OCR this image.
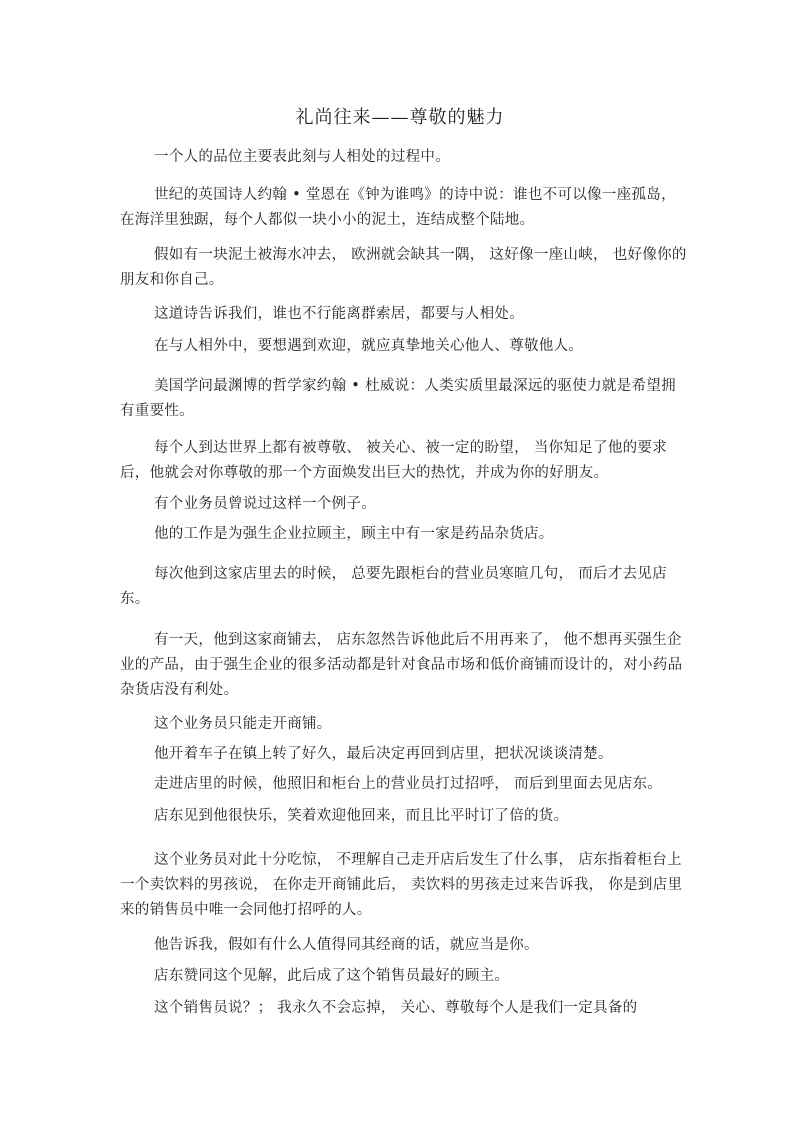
礼尚往来——尊敬的魅力

一个人的品位主要表此刻与人相处的过程中。

世纪的英国诗人约翰 • 堂恩在《钟为谁鸣》的诗中说：谁也不可以像一座孤岛，在海洋里独踞，每个人都似一块小小的泥土，连结成整个陆地。

假如有一块泥土被海水冲去， 欧洲就会缺其一隅， 这好像一座山峡， 也好像你的朋友和你自己。

这道诗告诉我们，谁也不行能离群索居，都要与人相处。

在与人相外中，要想遇到欢迎，就应真挚地关心他人、尊敬他人。

美国学问最渊博的哲学家约翰 • 杜威说：人类实质里最深远的驱使力就是希望拥有重要性。

每个人到达世界上都有被尊敬、 被关心、被一定的盼望， 当你知足了他的要求后，他就会对你尊敬的那一个方面焕发出巨大的热忱，并成为你的好朋友。

有个业务员曾说过这样一个例子。

他的工作是为强生企业拉顾主，顾主中有一家是药品杂货店。

每次他到这家店里去的时候， 总要先跟柜台的营业员寒暄几句， 而后才去见店东。

有一天，他到这家商铺去， 店东忽然告诉他此后不用再来了， 他不想再买强生企业的产品，由于强生企业的很多活动都是针对食品市场和低价商铺而设计的，对小药品杂货店没有利处。

这个业务员只能走开商铺。

他开着车子在镇上转了好久，最后决定再回到店里，把状况谈谈清楚。

走进店里的时候，他照旧和柜台上的营业员打过招呼， 而后到里面去见店东。

店东见到他很快乐，笑着欢迎他回来，而且比平时订了倍的货。

这个业务员对此十分吃惊， 不理解自己走开店后发生了什么事， 店东指着柜台上一个卖饮料的男孩说， 在你走开商铺此后， 卖饮料的男孩走过来告诉我， 你是到店里来的销售员中唯一会同他打招呼的人。

他告诉我，假如有什么人值得同其经商的话，就应当是你。

店东赞同这个见解，此后成了这个销售员最好的顾主。

这个销售员说？； 我永久不会忘掉， 关心、尊敬每个人是我们一定具备的
